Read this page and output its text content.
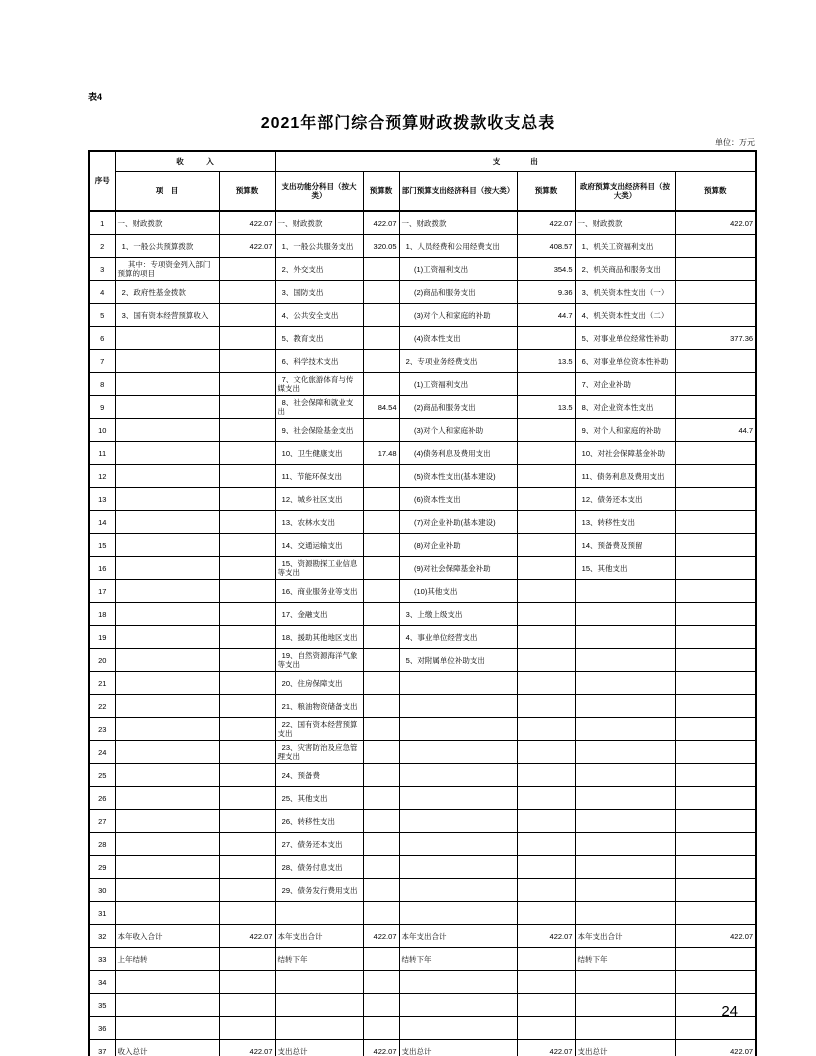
表4
2021年部门综合预算财政拨款收支总表
单位：万元
序号	收　　　入		支　　　　出					
	项　目	预算数	支出功能分科目（按大类）	预算数	部门预算支出经济科目（按大类）	预算数	政府预算支出经济科目（按大类）	预算数
1	一、财政拨款	422.07	一、财政拨款	422.07	一、财政拨款	422.07	一、财政拨款	422.07
2	1、一般公共预算拨款	422.07	1、一般公共服务支出	320.05	1、人员经费和公用经费支出	408.57	1、机关工资福利支出	
3	其中：专项资金列入部门预算的项目		2、外交支出		(1)工资福利支出	354.5	2、机关商品和服务支出	
4	2、政府性基金拨款		3、国防支出		(2)商品和服务支出	9.36	3、机关资本性支出（一）	
5	3、国有资本经营预算收入		4、公共安全支出		(3)对个人和家庭的补助	44.7	4、机关资本性支出（二）	
6			5、教育支出		(4)资本性支出		5、对事业单位经常性补助	377.36
7			6、科学技术支出		2、专项业务经费支出	13.5	6、对事业单位资本性补助	
8			7、文化旅游体育与传媒支出		(1)工资福利支出		7、对企业补助	
9			8、社会保障和就业支出	84.54	(2)商品和服务支出	13.5	8、对企业资本性支出	
10			9、社会保险基金支出		(3)对个人和家庭补助		9、对个人和家庭的补助	44.7
11			10、卫生健康支出	17.48	(4)债务利息及费用支出		10、对社会保障基金补助	
12			11、节能环保支出		(5)资本性支出(基本建设)		11、债务利息及费用支出	
13			12、城乡社区支出		(6)资本性支出		12、债务还本支出	
14			13、农林水支出		(7)对企业补助(基本建设)		13、转移性支出	
15			14、交通运输支出		(8)对企业补助		14、预备费及预留	
16			15、资源勘探工业信息等支出		(9)对社会保障基金补助		15、其他支出	
17			16、商业服务业等支出		(10)其他支出			
18			17、金融支出		3、上缴上级支出			
19			18、援助其他地区支出		4、事业单位经营支出			
20			19、自然资源海洋气象等支出		5、对附属单位补助支出			
21			20、住房保障支出					
22			21、粮油物资储备支出					
23			22、国有资本经营预算支出					
24			23、灾害防治及应急管理支出					
25			24、预备费					
26			25、其他支出					
27			26、转移性支出					
28			27、债务还本支出					
29			28、债务付息支出					
30			29、债务发行费用支出					
31								
32	本年收入合计	422.07	本年支出合计	422.07	本年支出合计	422.07	本年支出合计	422.07
33	上年结转		结转下年		结转下年		结转下年	
34								
35								
36								
37	收入总计	422.07	支出总计	422.07	支出总计	422.07	支出总计	422.07
24
